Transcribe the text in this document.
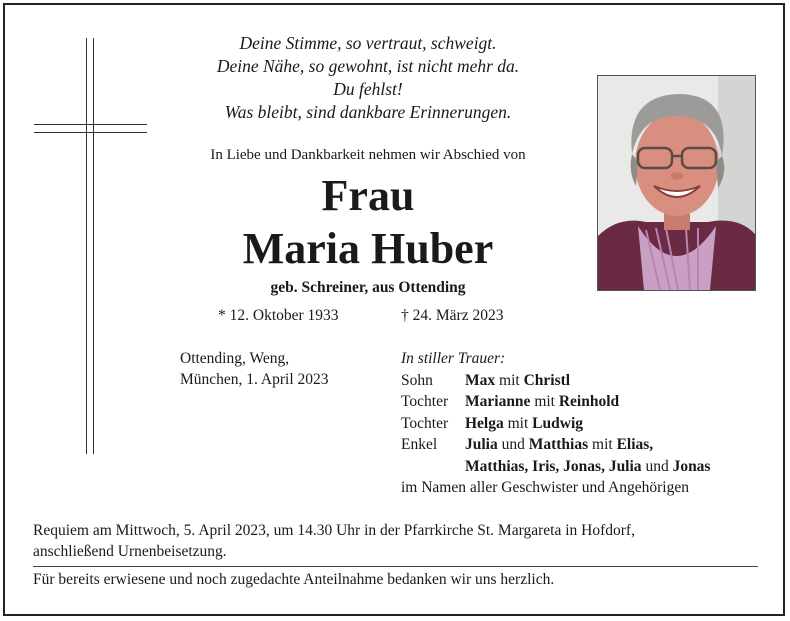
Deine Stimme, so vertraut, schweigt.
Deine Nähe, so gewohnt, ist nicht mehr da.
Du fehlst!
Was bleibt, sind dankbare Erinnerungen.
In Liebe und Dankbarkeit nehmen wir Abschied von
Frau
Maria Huber
geb. Schreiner, aus Ottending
* 12. Oktober 1933	† 24. März 2023
Ottending, Weng,
München, 1. April 2023
In stiller Trauer:
Sohn	Max mit Christl
Tochter	Marianne mit Reinhold
Tochter	Helga mit Ludwig
Enkel	Julia und Matthias mit Elias,
Matthias, Iris, Jonas, Julia und Jonas
im Namen aller Geschwister und Angehörigen
Requiem am Mittwoch, 5. April 2023, um 14.30 Uhr in der Pfarrkirche St. Margareta in Hofdorf,
anschließend Urnenbeisetzung.
Für bereits erwiesene und noch zugedachte Anteilnahme bedanken wir uns herzlich.
